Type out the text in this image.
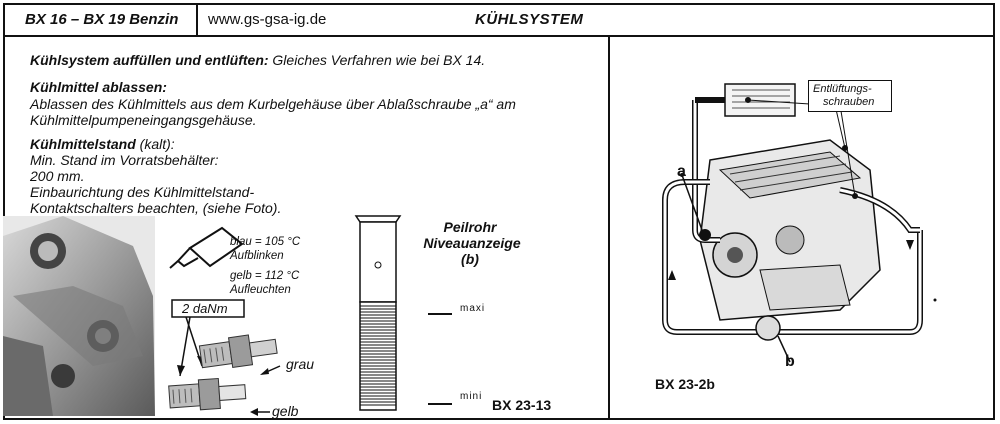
BX 16 – BX 19 Benzin	www.gs-gsa-ig.de	KÜHLSYSTEM
Kühlsystem auffüllen und entlüften: Gleiches Verfahren wie bei BX 14.
Kühlmittel ablassen:
Ablassen des Kühlmittels aus dem Kurbelgehäuse über Ablaßschraube „a“ am
Kühlmittelpumpeneingangsgehäuse.
Kühlmittelstand (kalt):
Min. Stand im Vorratsbehälter:
200 mm.
Einbaurichtung des Kühlmittelstand-
Kontaktschalters beachten, (siehe Foto).
blau = 105 °C
Aufblinken
gelb = 112 °C
Aufleuchten
2 daNm
grau
gelb
Peilrohr
Niveauanzeige
(b)
maxi
mini
BX 23-13
Entlüftungs-
schrauben
a
b
BX 23-2b
